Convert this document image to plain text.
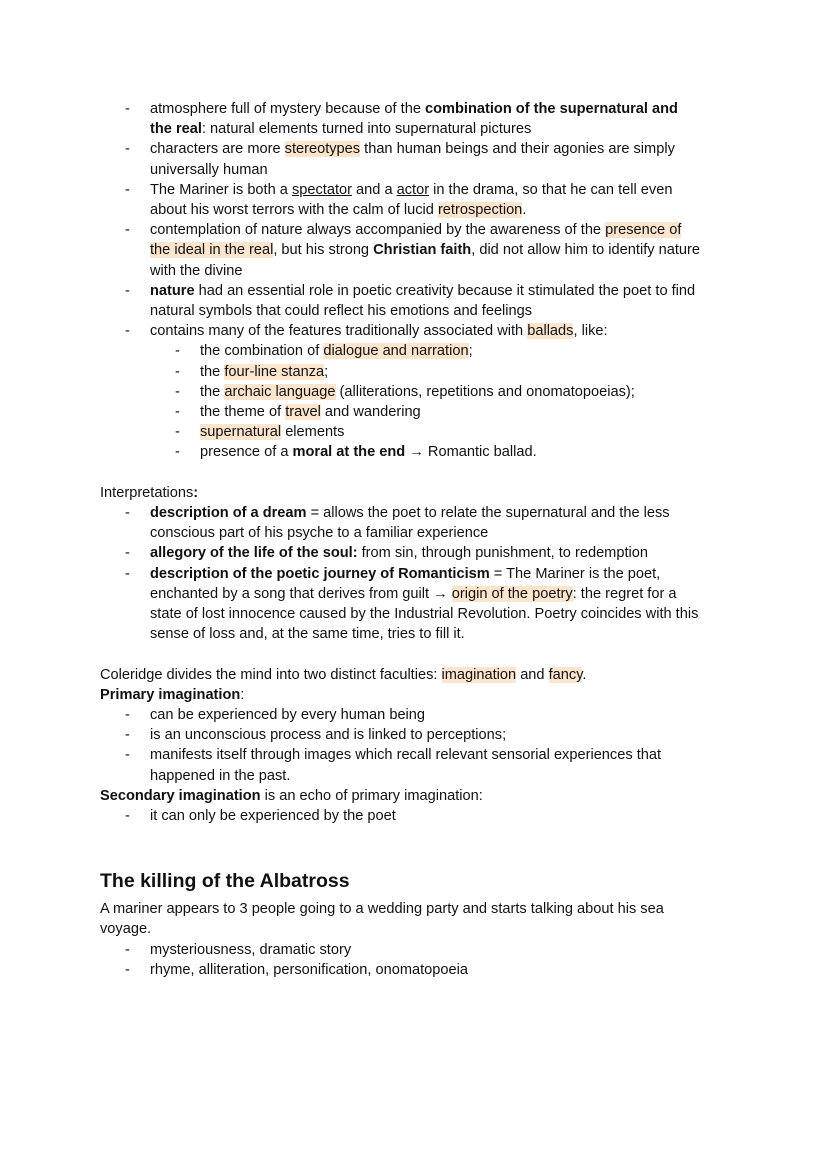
- atmosphere full of mystery because of the combination of the supernatural and
the real: natural elements turned into supernatural pictures
- characters are more stereotypes than human beings and their agonies are simply
universally human
- The Mariner is both a spectator and a actor in the drama, so that he can tell even
about his worst terrors with the calm of lucid retrospection.
- contemplation of nature always accompanied by the awareness of the presence of
the ideal in the real, but his strong Christian faith, did not allow him to identify nature
with the divine
- nature had an essential role in poetic creativity because it stimulated the poet to find
natural symbols that could reflect his emotions and feelings
- contains many of the features traditionally associated with ballads, like:
- the combination of dialogue and narration;
- the four-line stanza;
- the archaic language (alliterations, repetitions and onomatopoeias);
- the theme of travel and wandering
- supernatural elements
- presence of a moral at the end → Romantic ballad.
Interpretations:
- description of a dream = allows the poet to relate the supernatural and the less
conscious part of his psyche to a familiar experience
- allegory of the life of the soul: from sin, through punishment, to redemption
- description of the poetic journey of Romanticism = The Mariner is the poet,
enchanted by a song that derives from guilt → origin of the poetry: the regret for a
state of lost innocence caused by the Industrial Revolution. Poetry coincides with this
sense of loss and, at the same time, tries to fill it.
Coleridge divides the mind into two distinct faculties: imagination and fancy.
Primary imagination:
- can be experienced by every human being
- is an unconscious process and is linked to perceptions;
- manifests itself through images which recall relevant sensorial experiences that
happened in the past.
Secondary imagination is an echo of primary imagination:
- it can only be experienced by the poet
The killing of the Albatross
A mariner appears to 3 people going to a wedding party and starts talking about his sea
voyage.
- mysteriousness, dramatic story
- rhyme, alliteration, personification, onomatopoeia
